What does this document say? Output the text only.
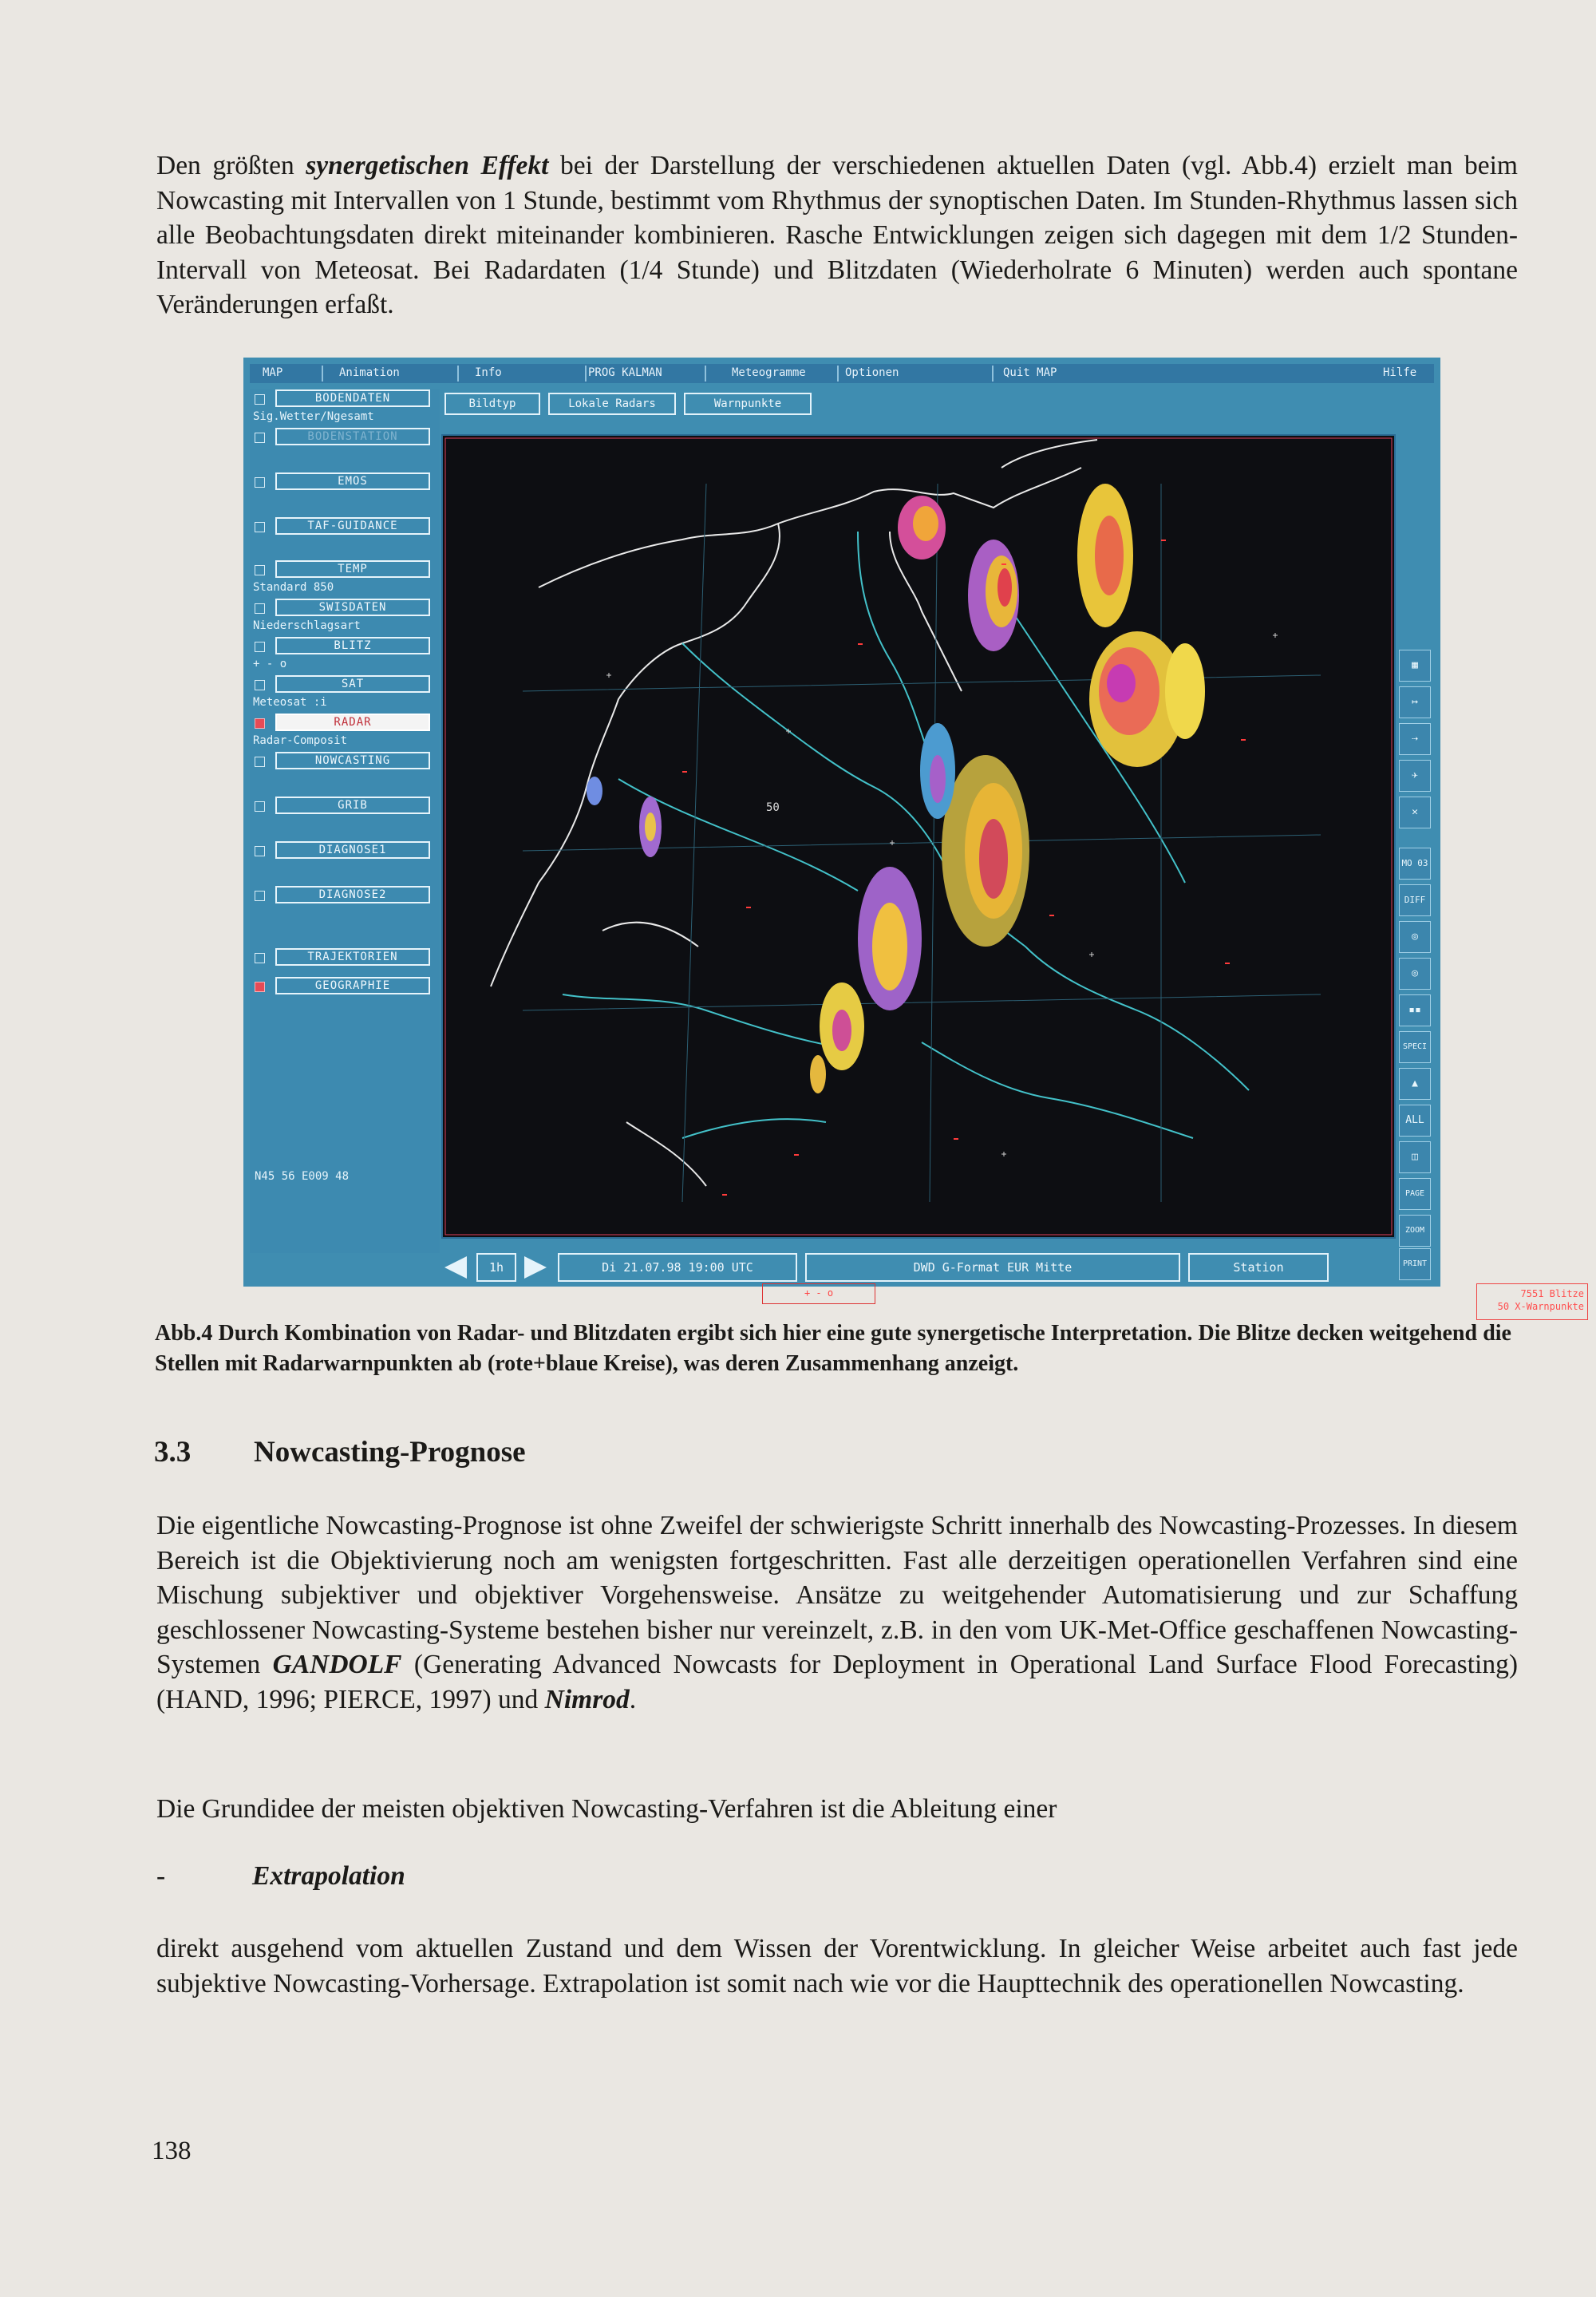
Den größten synergetischen Effekt bei der Darstellung der verschiedenen aktuellen Daten (vgl. Abb.4) erzielt man beim Nowcasting mit Intervallen von 1 Stunde, bestimmt vom Rhythmus der synoptischen Daten. Im Stunden-Rhythmus lassen sich alle Beobachtungsdaten direkt miteinander kombinieren. Rasche Entwicklungen zeigen sich dagegen mit dem 1/2 Stunden-Intervall von Meteosat. Bei Radardaten (1/4 Stunde) und Blitzdaten (Wiederholrate 6 Minuten) werden auch spontane Veränderungen erfaßt.

MAP	Animation	Info	PROG KALMAN	Meteogramme	Optionen	Quit MAP	Hilfe
BODENDATEN
Sig.Wetter/Ngesamt
BODENSTATION
EMOS
TAF-GUIDANCE
TEMP
Standard 850
SWISDATEN
Niederschlagsart
BLITZ
+ - o
SAT
Meteosat :i
RADAR
Radar-Composit
NOWCASTING
GRIB
DIAGNOSE1
DIAGNOSE2
TRAJEKTORIEN
GEOGRAPHIE
N45 56 E009 48
Bildtyp	Lokale Radars	Warnpunkte
50
+ - o	7551 Blitze
50 X-Warnpunkte
▦
↦
⇢
✈
✕
MO 03
DIFF
◎
◎
▪▪
SPECI
▲
ALL
◫
PAGE
ZOOM
PRINT
1h	Di 21.07.98 19:00 UTC	DWD G-Format EUR Mitte	Station

Abb.4 Durch Kombination von Radar- und Blitzdaten ergibt sich hier eine gute synergetische Interpretation. Die Blitze decken weitgehend die Stellen mit Radarwarnpunkten ab (rote+blaue Kreise), was deren Zusammenhang anzeigt.

3.3 Nowcasting-Prognose

Die eigentliche Nowcasting-Prognose ist ohne Zweifel der schwierigste Schritt innerhalb des Nowcasting-Prozesses. In diesem Bereich ist die Objektivierung noch am wenigsten fortgeschritten. Fast alle derzeitigen operationellen Verfahren sind eine Mischung subjektiver und objektiver Vorgehensweise. Ansätze zu weitgehender Automatisierung und zur Schaffung geschlossener Nowcasting-Systeme bestehen bisher nur vereinzelt, z.B. in den vom UK-Met-Office geschaffenen Nowcasting-Systemen GANDOLF (Generating Advanced Nowcasts for Deployment in Operational Land Surface Flood Forecasting) (HAND, 1996; PIERCE, 1997) und Nimrod.

Die Grundidee der meisten objektiven Nowcasting-Verfahren ist die Ableitung einer

-	Extrapolation

direkt ausgehend vom aktuellen Zustand und dem Wissen der Vorentwicklung. In gleicher Weise arbeitet auch fast jede subjektive Nowcasting-Vorhersage. Extrapolation ist somit nach wie vor die Haupttechnik des operationellen Nowcasting.

138
